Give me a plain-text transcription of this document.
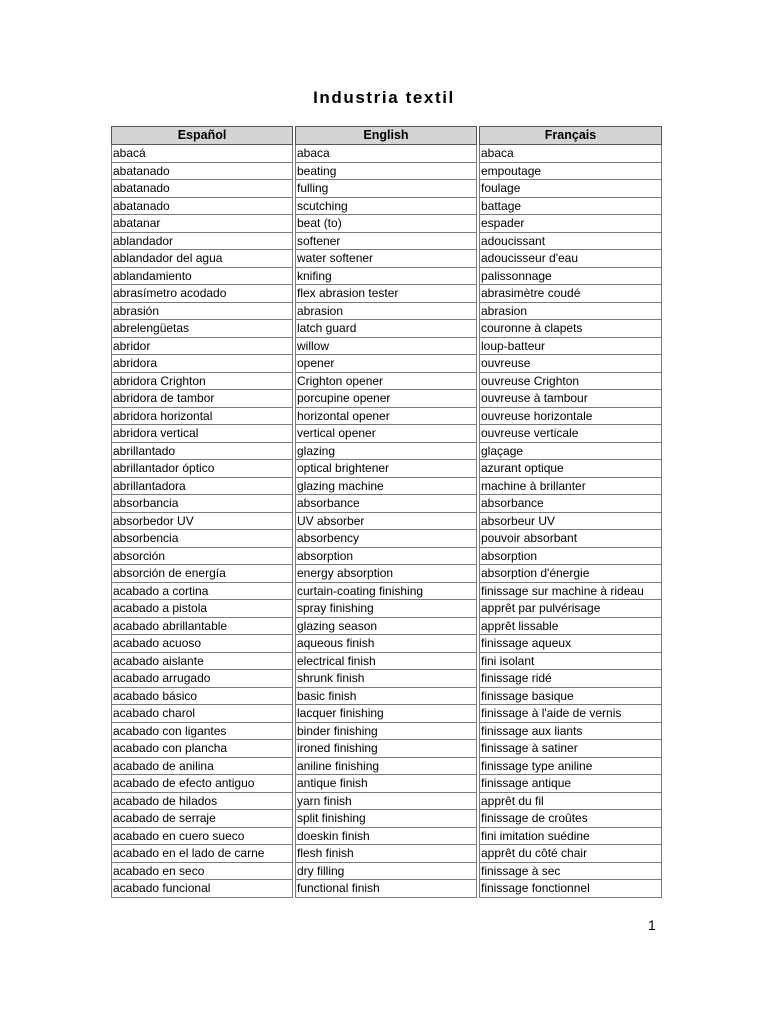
Industria textil
Español	English	Français
abacá	abaca	abaca
abatanado	beating	empoutage
abatanado	fulling	foulage
abatanado	scutching	battage
abatanar	beat (to)	espader
ablandador	softener	adoucissant
ablandador del agua	water softener	adoucisseur d'eau
ablandamiento	knifing	palissonnage
abrasímetro acodado	flex abrasion tester	abrasimètre coudé
abrasión	abrasion	abrasion
abrelengüetas	latch guard	couronne à clapets
abridor	willow	loup-batteur
abridora	opener	ouvreuse
abridora Crighton	Crighton opener	ouvreuse Crighton
abridora de tambor	porcupine opener	ouvreuse à tambour
abridora horizontal	horizontal opener	ouvreuse horizontale
abridora vertical	vertical opener	ouvreuse verticale
abrillantado	glazing	glaçage
abrillantador óptico	optical brightener	azurant optique
abrillantadora	glazing machine	machine à brillanter
absorbancia	absorbance	absorbance
absorbedor UV	UV absorber	absorbeur UV
absorbencia	absorbency	pouvoir absorbant
absorción	absorption	absorption
absorción de energía	energy absorption	absorption d'énergie
acabado a cortina	curtain-coating finishing	finissage sur machine à rideau
acabado a pistola	spray finishing	apprêt par pulvérisage
acabado abrillantable	glazing season	apprêt lissable
acabado acuoso	aqueous finish	finissage aqueux
acabado aislante	electrical finish	fini isolant
acabado arrugado	shrunk finish	finissage ridé
acabado básico	basic finish	finissage basique
acabado charol	lacquer finishing	finissage à l'aide de vernis
acabado con ligantes	binder finishing	finissage aux liants
acabado con plancha	ironed finishing	finissage à satiner
acabado de anilina	aniline finishing	finissage type aniline
acabado de efecto antiguo	antique finish	finissage antique
acabado de hilados	yarn finish	apprêt du fil
acabado de serraje	split finishing	finissage de croûtes
acabado en cuero sueco	doeskin finish	fini imitation suédine
acabado en el lado de carne	flesh finish	apprêt du côté chair
acabado en seco	dry filling	finissage à sec
acabado funcional	functional finish	finissage fonctionnel
1
